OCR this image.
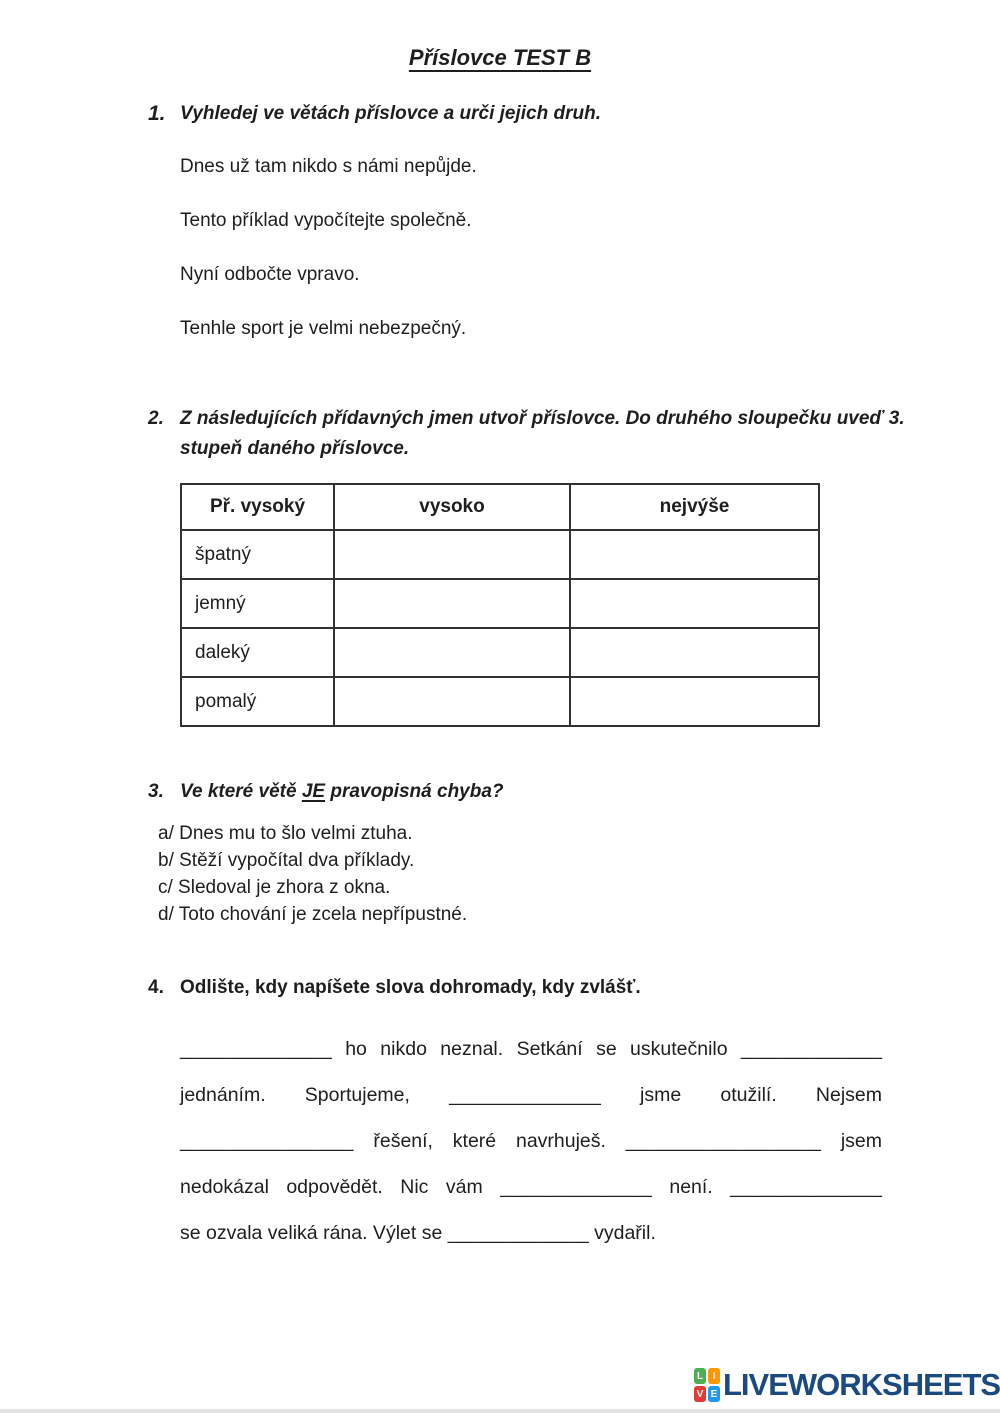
Příslovce TEST B
1. Vyhledej ve větách příslovce a urči jejich druh.
Dnes už tam nikdo s námi nepůjde.
Tento příklad vypočítejte společně.
Nyní odbočte vpravo.
Tenhle sport je velmi nebezpečný.
2. Z následujících přídavných jmen utvoř příslovce. Do druhého sloupečku uveď 3.
stupeň daného příslovce.
Př. vysoký	vysoko	nejvýše
špatný		
jemný		
daleký		
pomalý		
3. Ve které větě JE pravopisná chyba?
a/ Dnes mu to šlo velmi ztuha.
b/ Stěží vypočítal dva příklady.
c/ Sledoval je zhora z okna.
d/ Toto chování je zcela nepřípustné.
4. Odlište, kdy napíšete slova dohromady, kdy zvlášť.
______________ ho nikdo neznal. Setkání se uskutečnilo _____________
jednáním. Sportujeme, ______________ jsme otužilí. Nejsem
________________ řešení, které navrhuješ. __________________ jsem
nedokázal odpovědět. Nic vám ______________ není. ______________
se ozvala veliká rána. Výlet se _____________ vydařil.
L I
V E LIVEWORKSHEETS
